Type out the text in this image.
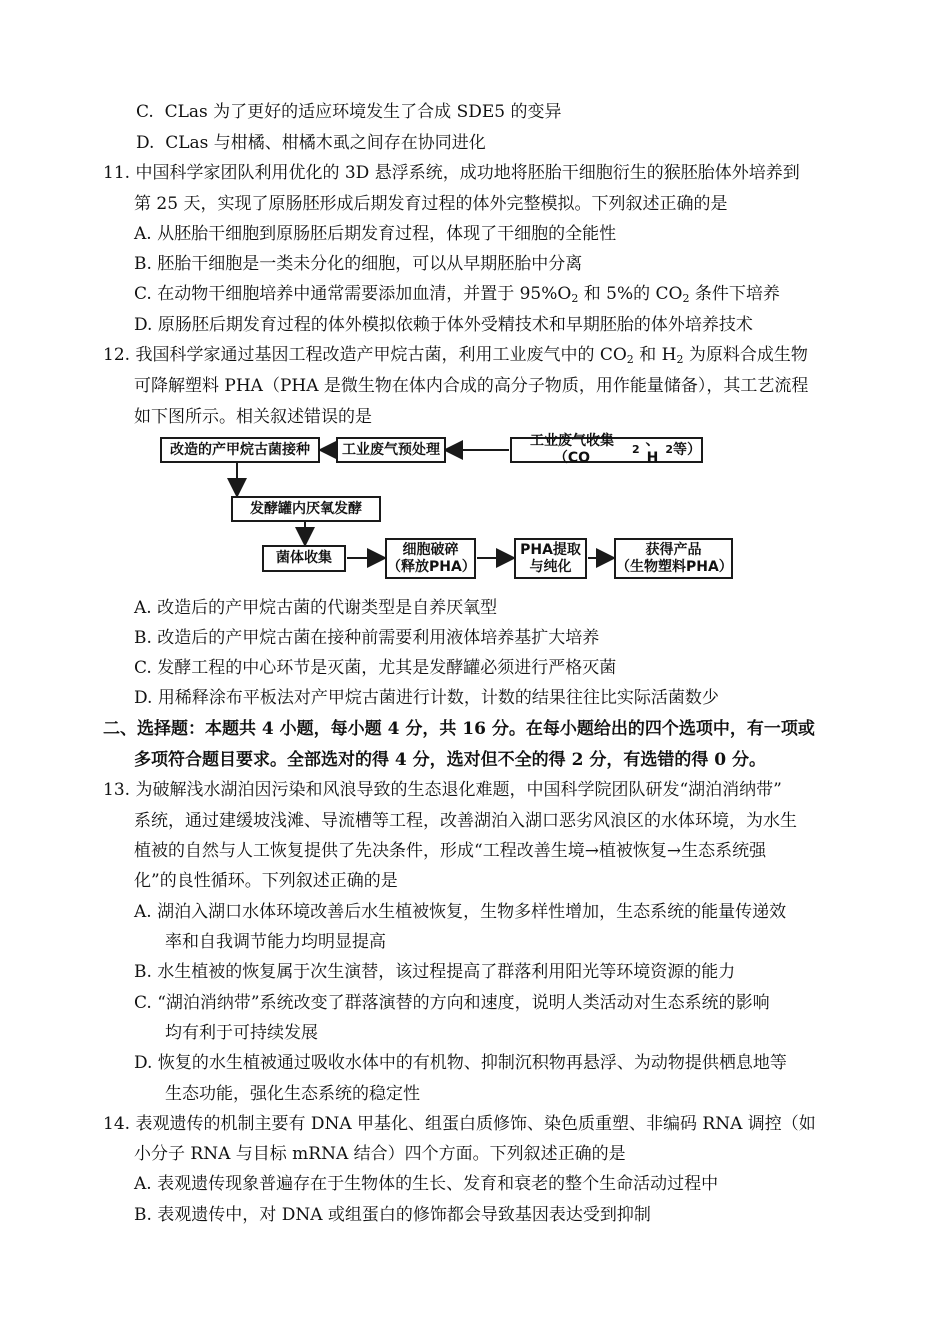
C. CLas 为了更好的适应环境发生了合成 SDE5 的变异
D. CLas 与柑橘、柑橘木虱之间存在协同进化
11. 中国科学家团队利用优化的 3D 悬浮系统，成功地将胚胎干细胞衍生的猴胚胎体外培养到
第 25 天，实现了原肠胚形成后期发育过程的体外完整模拟。下列叙述正确的是
A. 从胚胎干细胞到原肠胚后期发育过程，体现了干细胞的全能性
B. 胚胎干细胞是一类未分化的细胞，可以从早期胚胎中分离
C. 在动物干细胞培养中通常需要添加血清，并置于 $95\%O_2$ 和 5%的 $CO_2$ 条件下培养
D. 原肠胚后期发育过程的体外模拟依赖于体外受精技术和早期胚胎的体外培养技术
12. 我国科学家通过基因工程改造产甲烷古菌，利用工业废气中的 $CO_2$ 和 $H_2$ 为原料合成生物
可降解塑料 PHA（PHA 是微生物在体内合成的高分子物质，用作能量储备），其工艺流程
如下图所示。相关叙述错误的是
改造的产甲烷古菌接种	工业废气预处理
工业废气收集（CO
2
、H
2 等）
发酵罐内厌氧发酵
菌体收集
细胞破碎
（释放PHA）
PHA提取
与纯化
获得产品
（生物塑料PHA）
A. 改造后的产甲烷古菌的代谢类型是自养厌氧型
B. 改造后的产甲烷古菌在接种前需要利用液体培养基扩大培养
C. 发酵工程的中心环节是灭菌，尤其是发酵罐必须进行严格灭菌
D. 用稀释涂布平板法对产甲烷古菌进行计数，计数的结果往往比实际活菌数少
二、选择题：本题共 4 小题，每小题 4 分，共 16 分。在每小题给出的四个选项中，有一项或
多项符合题目要求。全部选对的得 4 分，选对但不全的得 2 分，有选错的得 0 分。
13. 为破解浅水湖泊因污染和风浪导致的生态退化难题，中国科学院团队研发“湖泊消纳带”
系统，通过建缓坡浅滩、导流槽等工程，改善湖泊入湖口恶劣风浪区的水体环境，为水生
植被的自然与人工恢复提供了先决条件，形成“工程改善生境→植被恢复→生态系统强
化”的良性循环。下列叙述正确的是
A. 湖泊入湖口水体环境改善后水生植被恢复，生物多样性增加，生态系统的能量传递效
率和自我调节能力均明显提高
B. 水生植被的恢复属于次生演替，该过程提高了群落利用阳光等环境资源的能力
C. “湖泊消纳带”系统改变了群落演替的方向和速度，说明人类活动对生态系统的影响
均有利于可持续发展
D. 恢复的水生植被通过吸收水体中的有机物、抑制沉积物再悬浮、为动物提供栖息地等
生态功能，强化生态系统的稳定性
14. 表观遗传的机制主要有 DNA 甲基化、组蛋白质修饰、染色质重塑、非编码 RNA 调控（如
小分子 RNA 与目标 mRNA 结合）四个方面。下列叙述正确的是
A. 表观遗传现象普遍存在于生物体的生长、发育和衰老的整个生命活动过程中
B. 表观遗传中，对 DNA 或组蛋白的修饰都会导致基因表达受到抑制
